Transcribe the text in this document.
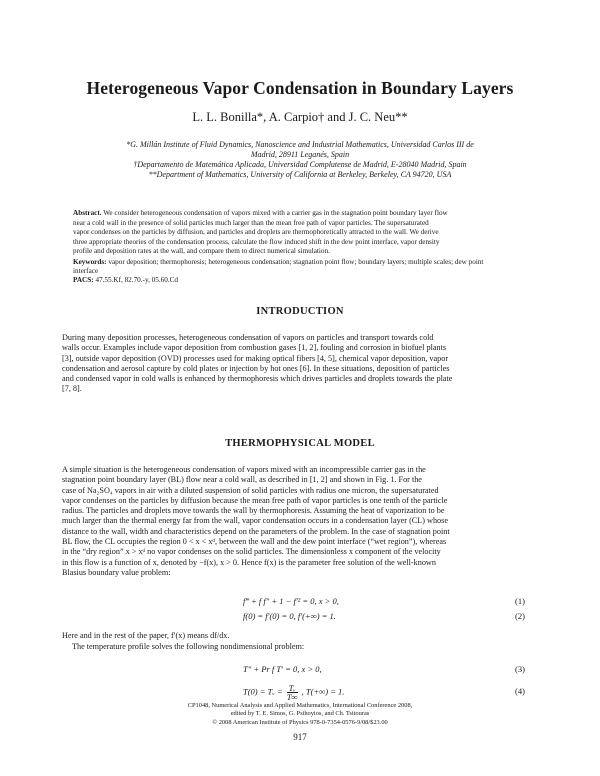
Heterogeneous Vapor Condensation in Boundary Layers
L. L. Bonilla*, A. Carpio† and J. C. Neu**
*G. Millán Institute of Fluid Dynamics, Nanoscience and Industrial Mathematics, Universidad Carlos III de
Madrid, 28911 Leganés, Spain
†Departamento de Matemática Aplicada, Universidad Complutense de Madrid, E-28040 Madrid, Spain
**Department of Mathematics, University of California at Berkeley, Berkeley, CA 94720, USA
Abstract. We consider heterogeneous condensation of vapors mixed with a carrier gas in the stagnation point boundary layer flow
near a cold wall in the presence of solid particles much larger than the mean free path of vapor particles. The supersaturated
vapor condenses on the particles by diffusion, and particles and droplets are thermophoretically attracted to the wall. We derive
three appropriate theories of the condensation process, calculate the flow induced shift in the dew point interface, vapor density
profile and deposition rates at the wall, and compare them to direct numerical simulation.
Keywords: vapor deposition; thermophoresis; heterogeneous condensation; stagnation point flow; boundary layers; multiple scales; dew point
interface
PACS: 47.55.Kf, 82.70.-y, 05.60.Cd
INTRODUCTION
During many deposition processes, heterogeneous condensation of vapors on particles and transport towards cold
walls occur. Examples include vapor deposition from combustion gases [1, 2], fouling and corrosion in biofuel plants
[3], outside vapor deposition (OVD) processes used for making optical fibers [4, 5], chemical vapor deposition, vapor
condensation and aerosol capture by cold plates or injection by hot ones [6]. In these situations, deposition of particles
and condensed vapor in cold walls is enhanced by thermophoresis which drives particles and droplets towards the plate
[7, 8].
THERMOPHYSICAL MODEL
A simple situation is the heterogeneous condensation of vapors mixed with an incompressible carrier gas in the
stagnation point boundary layer (BL) flow near a cold wall, as described in [1, 2] and shown in Fig. 1. For the
case of Na₂SO₄ vapors in air with a diluted suspension of solid particles with radius one micron, the supersaturated
vapor condenses on the particles by diffusion because the mean free path of vapor particles is one tenth of the particle
radius. The particles and droplets move towards the wall by thermophoresis. Assuming the heat of vaporization to be
much larger than the thermal energy far from the wall, vapor condensation occurs in a condensation layer (CL) whose
distance to the wall, width and characteristics depend on the parameters of the problem. In the case of stagnation point
BL flow, the CL occupies the region 0 < x < xᵈ, between the wall and the dew point interface (“wet region”), whereas
in the “dry region” x > xᵈ no vapor condenses on the solid particles. The dimensionless x component of the velocity
in this flow is a function of x, denoted by −f(x), x > 0. Hence f(x) is the parameter free solution of the well-known
Blasius boundary value problem:
f‴ + f f″ + 1 − f′² = 0, x > 0,	(1)
f(0) = f′(0) = 0, f′(+∞) = 1.	(2)
Here and in the rest of the paper, f′(x) means df/dx.
The temperature profile solves the following nondimensional problem:
T″ + Pr f T′ = 0, x > 0,	(3)
T(0) = Tᵥ = $\frac{\text{Tᵥ}}{T\infty}$ , T(+∞) = 1.	(4)
CP1048, Numerical Analysis and Applied Mathematics, International Conference 2008,
edited by T. E. Simos, G. Psihoyios, and Ch. Tsitouras
© 2008 American Institute of Physics 978-0-7354-0576-9/08/$23.00
917
